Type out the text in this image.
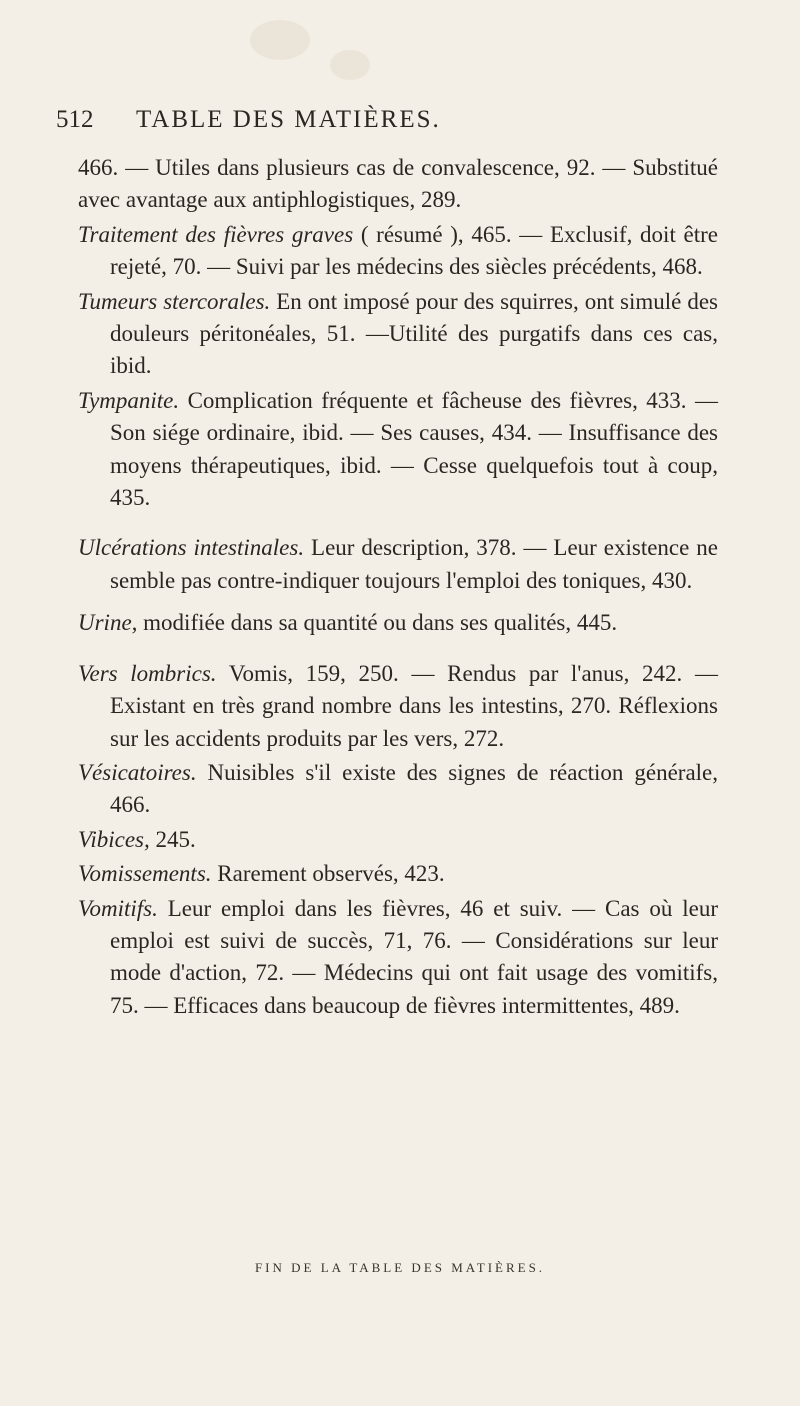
512 TABLE DES MATIÈRES.

466. — Utiles dans plusieurs cas de convalescence, 92. — Substitué avec avantage aux antiphlogistiques, 289.

Traitement des fièvres graves ( résumé ), 465. — Exclusif, doit être rejeté, 70. — Suivi par les médecins des siècles précédents, 468.

Tumeurs stercorales. En ont imposé pour des squirres, ont simulé des douleurs péritonéales, 51. —Utilité des purgatifs dans ces cas, ibid.

Tympanite. Complication fréquente et fâcheuse des fièvres, 433. — Son siége ordinaire, ibid. — Ses causes, 434. — Insuffisance des moyens thérapeutiques, ibid. — Cesse quelquefois tout à coup, 435.

Ulcérations intestinales. Leur description, 378. — Leur existence ne semble pas contre-indiquer toujours l'emploi des toniques, 430.

Urine, modifiée dans sa quantité ou dans ses qualités, 445.

Vers lombrics. Vomis, 159, 250. — Rendus par l'anus, 242. — Existant en très grand nombre dans les intestins, 270. Réflexions sur les accidents produits par les vers, 272.

Vésicatoires. Nuisibles s'il existe des signes de réaction générale, 466.

Vibices, 245.

Vomissements. Rarement observés, 423.

Vomitifs. Leur emploi dans les fièvres, 46 et suiv. — Cas où leur emploi est suivi de succès, 71, 76. — Considérations sur leur mode d'action, 72. — Médecins qui ont fait usage des vomitifs, 75. — Efficaces dans beaucoup de fièvres intermittentes, 489.

FIN DE LA TABLE DES MATIÈRES.
